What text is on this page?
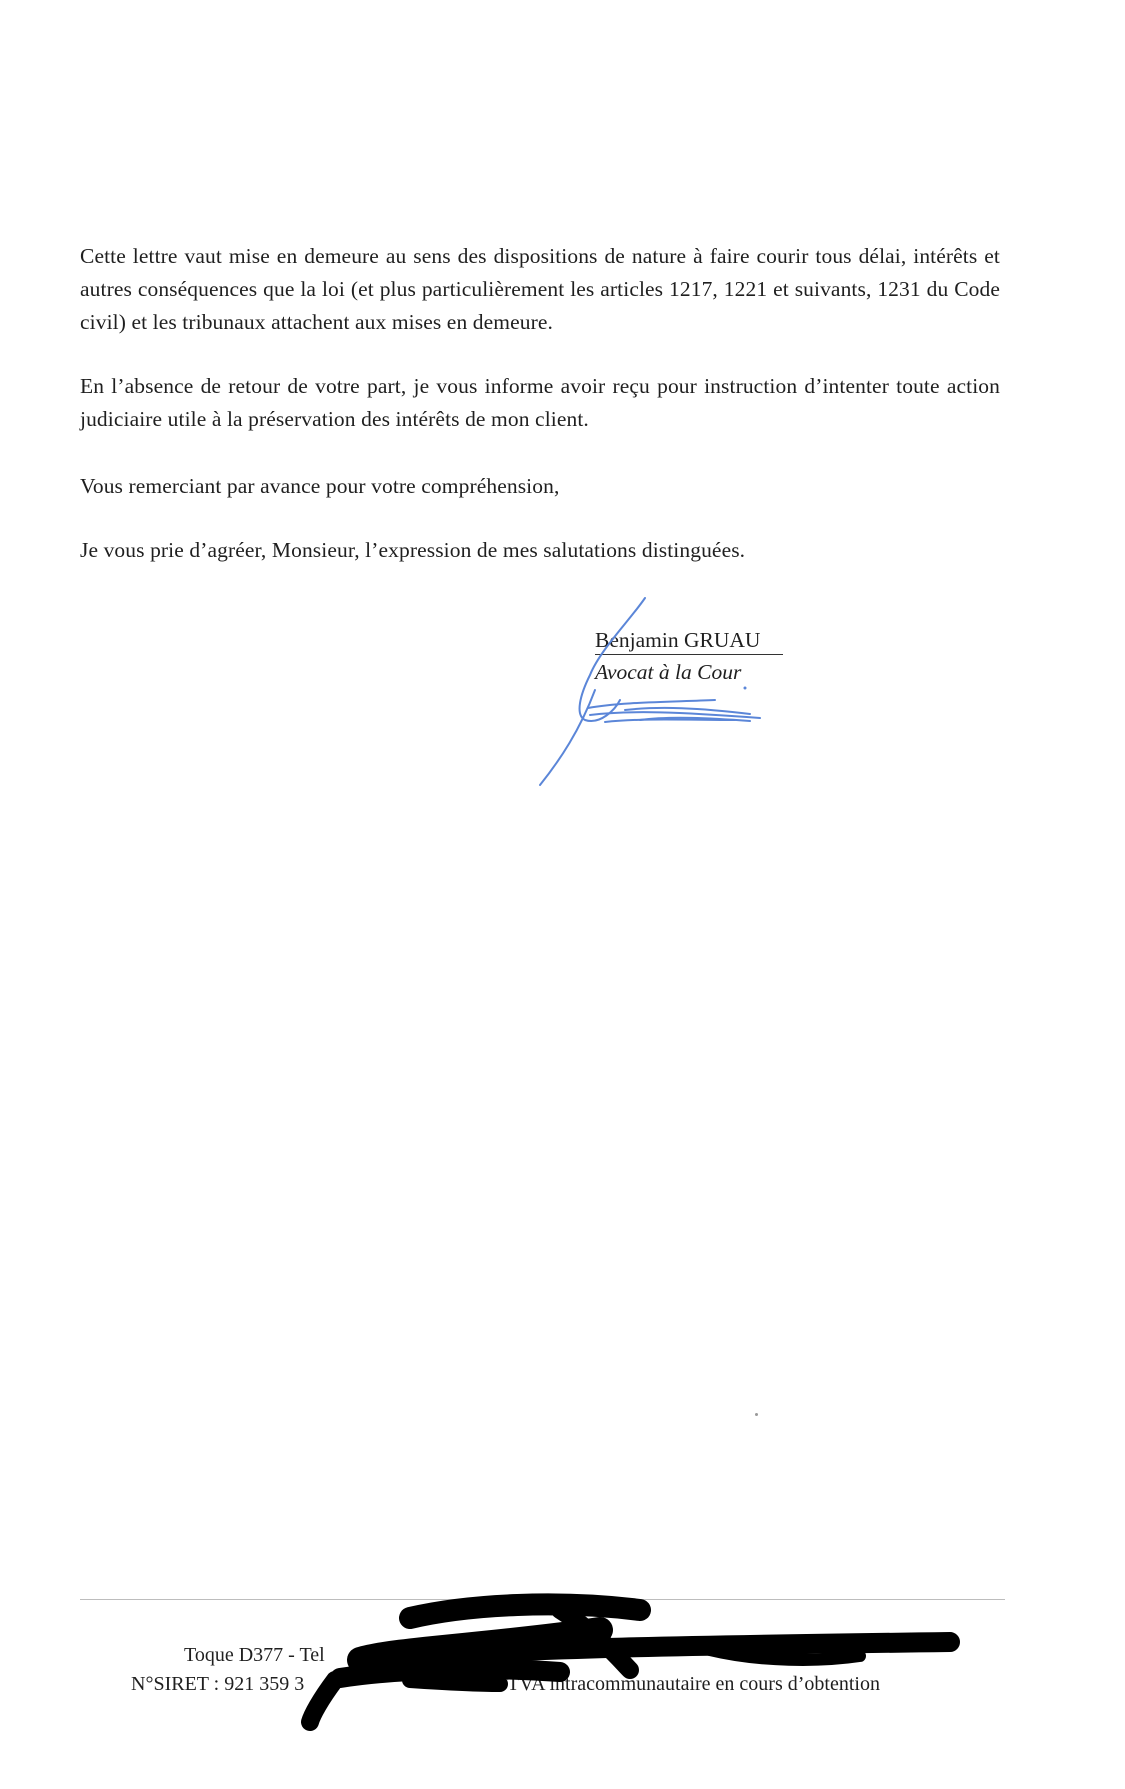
Cette lettre vaut mise en demeure au sens des dispositions de nature à faire courir tous délai, intérêts et autres conséquences que la loi (et plus particulièrement les articles 1217, 1221 et suivants, 1231 du Code civil) et les tribunaux attachent aux mises en demeure.

En l’absence de retour de votre part, je vous informe avoir reçu pour instruction d’intenter toute action judiciaire utile à la préservation des intérêts de mon client.

Vous remerciant par avance pour votre compréhension,

Je vous prie d’agréer, Monsieur, l’expression de mes salutations distinguées.

Benjamin GRUAU
Avocat à la Cour
Toque D377 - Tel
N°SIRET : 921 359 3	N° TVA intracommunautaire en cours d’obtention
